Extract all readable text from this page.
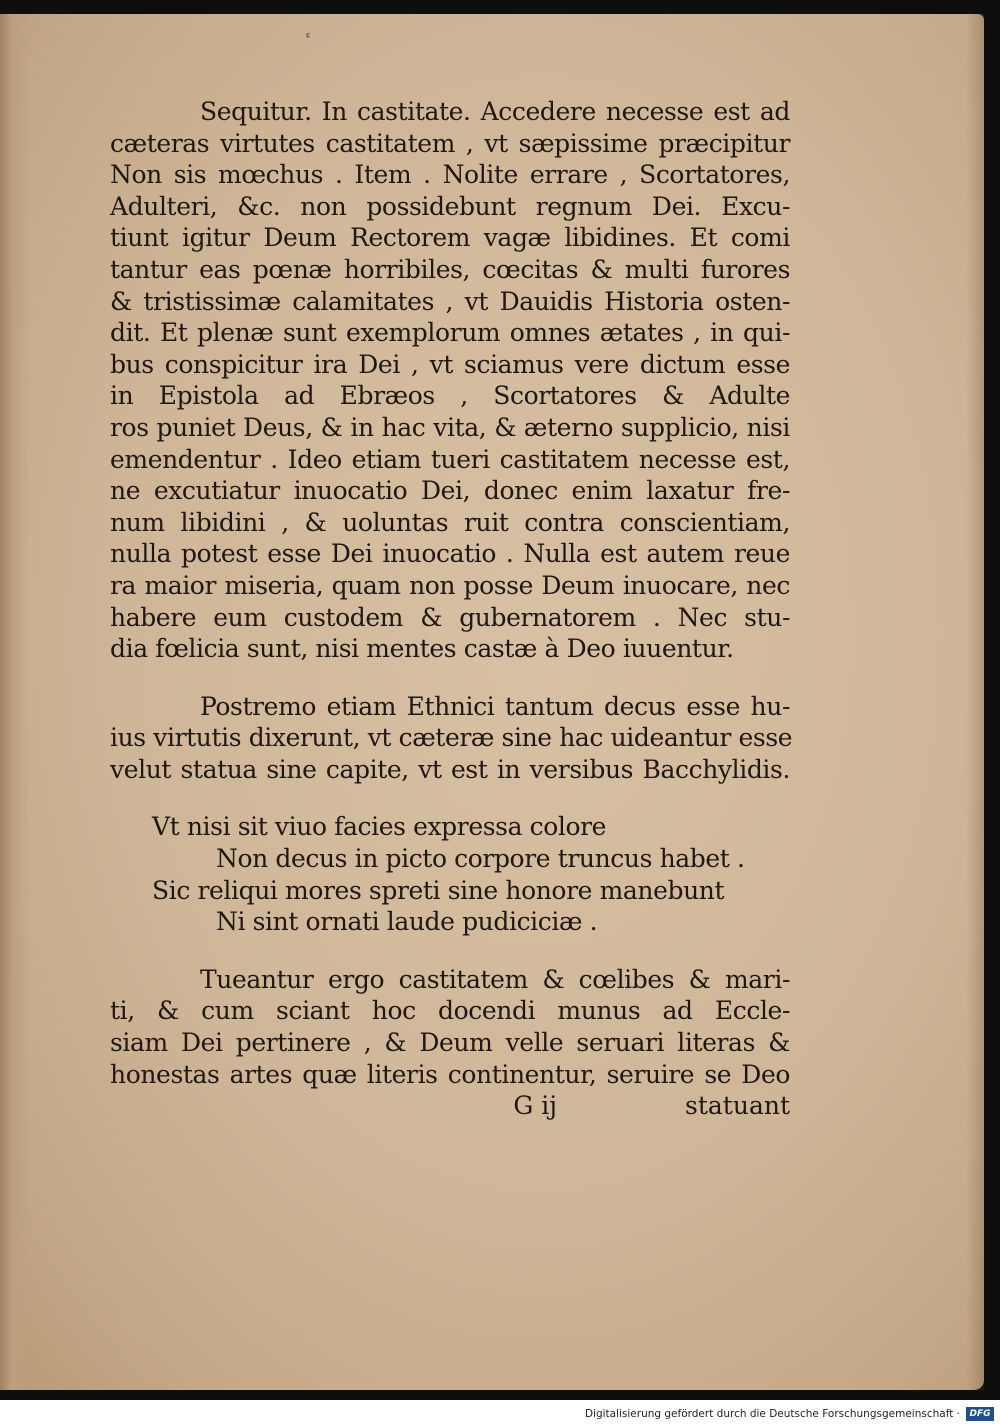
ᵋ
Sequitur. In castitate. Accedere necesse est ad
cæteras virtutes castitatem , vt sæpissime præcipitur
Non sis mœchus . Item . Nolite errare , Scortatores,
Adulteri, &c. non possidebunt regnum Dei. Excu-
tiunt igitur Deum Rectorem vagæ libidines. Et comi
tantur eas pœnæ horribiles, cœcitas & multi furores
& tristissimæ calamitates , vt Dauidis Historia osten-
dit. Et plenæ sunt exemplorum omnes ætates , in qui-
bus conspicitur ira Dei , vt sciamus vere dictum esse
in Epistola ad Ebræos , Scortatores & Adulte
ros puniet Deus, & in hac vita, & æterno supplicio, nisi
emendentur . Ideo etiam tueri castitatem necesse est,
ne excutiatur inuocatio Dei, donec enim laxatur fre-
num libidini , & uoluntas ruit contra conscientiam,
nulla potest esse Dei inuocatio . Nulla est autem reue
ra maior miseria, quam non posse Deum inuocare, nec
habere eum custodem & gubernatorem . Nec stu-
dia fœlicia sunt, nisi mentes castæ à Deo iuuentur.
Postremo etiam Ethnici tantum decus esse hu-
ius virtutis dixerunt, vt cæteræ sine hac uideantur esse
velut statua sine capite, vt est in versibus Bacchylidis.
Vt nisi sit viuo facies expressa colore
Non decus in picto corpore truncus habet .
Sic reliqui mores spreti sine honore manebunt
Ni sint ornati laude pudiciciæ .
Tueantur ergo castitatem & cœlibes & mari-
ti, & cum sciant hoc docendi munus ad Eccle-
siam Dei pertinere , & Deum velle seruari literas &
honestas artes quæ literis continentur, seruire se Deo
G ij	statuant
Digitalisierung gefördert durch die Deutsche Forschungsgemeinschaft ·	DFG
